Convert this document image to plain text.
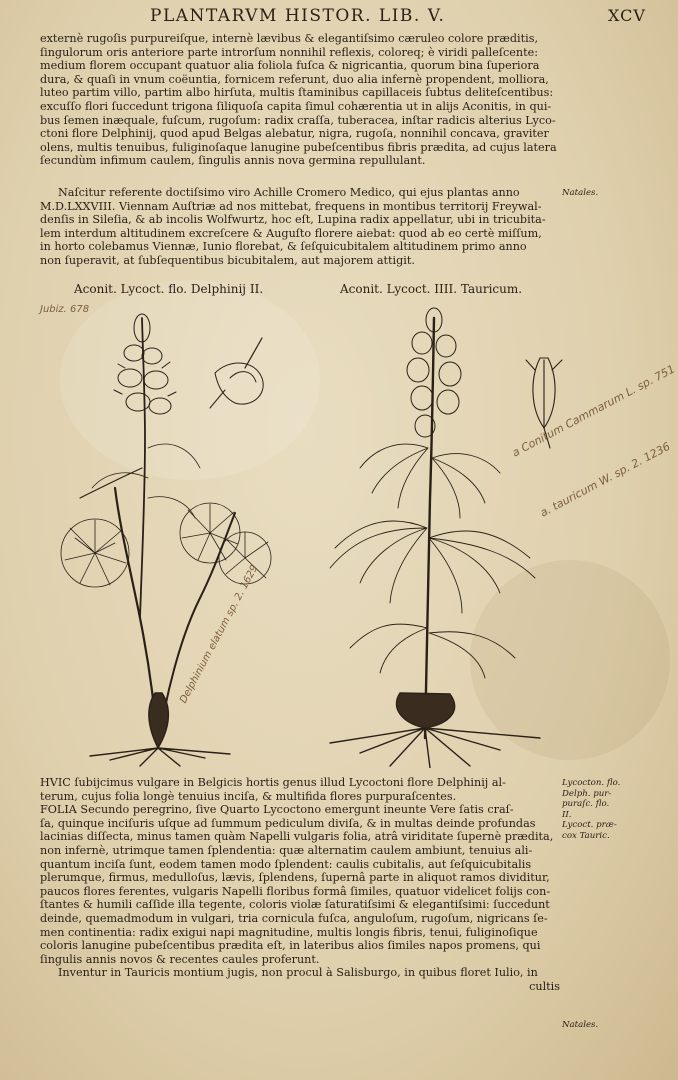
PLANTARVM HISTOR. LIB. V.	XCV
externè rugoſis purpureiſque, internè lævibus & elegantiſsimo cæruleo colore præditis,
ſingulorum oris anteriore parte introrſum nonnihil reflexis, coloreq; è viridi palleſcente:
medium florem occupant quatuor alia foliola fuſca & nigricantia, quorum bina ſuperiora
dura, & quaſi in vnum coëuntia, fornicem referunt, duo alia infernè propendent, molliora,
luteo partim villo, partim albo hirſuta, multis ſtaminibus capillaceis ſubtus deliteſcentibus:
excuſſo flori ſuccedunt trigona ſiliquoſa capita ſimul cohærentia ut in alijs Aconitis, in qui-
bus ſemen inæquale, fuſcum, rugoſum: radix craſſa, tuberacea, inſtar radicis alterius Lyco-
ctoni flore Delphinij, quod apud Belgas alebatur, nigra, rugoſa, nonnihil concava, graviter
olens, multis tenuibus, fuliginoſaque lanugine pubeſcentibus fibris prædita, ad cujus latera
ſecundùm infimum caulem, ſingulis annis nova germina repullulant.
Naſcitur referente doctiſsimo viro Achille Cromero Medico, qui ejus plantas anno
M.D.LXXVIII. Viennam Auſtriæ ad nos mittebat, frequens in montibus territorij Freywal-
denſis in Sileſia, & ab incolis Wolfwurtz, hoc eſt, Lupina radix appellatur, ubi in tricubita-
lem interdum altitudinem excreſcere & Auguſto florere aiebat: quod ab eo certè miſſum,
in horto colebamus Viennæ, Iunio florebat, & ſeſquicubitalem altitudinem primo anno
non ſuperavit, at ſubſequentibus bicubitalem, aut majorem attigit.
Natales.
Aconit. Lycoct. flo. Delphinij II.	Aconit. Lycoct. IIII. Tauricum.
Jubiz. 678
a Conitum Cammarum L. sp. 751
a. tauricum W. sp. 2. 1236
Delphinium elatum sp. 2. 1629
HVIC ſubijcimus vulgare in Belgicis hortis genus illud Lycoctoni flore Delphinij al-
terum, cujus folia longè tenuius inciſa, & multifida flores purpuraſcentes.
FOLIA Secundo peregrino, ſive Quarto Lycoctono emergunt ineunte Vere ſatis craſ-
ſa, quinque inciſuris uſque ad ſummum pediculum diviſa, & in multas deinde profundas
lacinias diſſecta, minus tamen quàm Napelli vulgaris folia, atrâ viriditate ſupernè prædita,
non infernè, utrimque tamen ſplendentia: quæ alternatim caulem ambiunt, tenuius ali-
quantum inciſa ſunt, eodem tamen modo ſplendent: caulis cubitalis, aut ſeſquicubitalis
plerumque, firmus, medulloſus, lævis, ſplendens, ſupernâ parte in aliquot ramos dividitur,
paucos flores ferentes, vulgaris Napelli floribus formâ ſimiles, quatuor videlicet folijs con-
ſtantes & humili caſſide illa tegente, coloris violæ ſaturatiſsimi & elegantiſsimi: ſuccedunt
deinde, quemadmodum in vulgari, tria cornicula fuſca, anguloſum, rugoſum, nigricans ſe-
men continentia: radix exigui napi magnitudine, multis longis fibris, tenui, fuliginoſique
coloris lanugine pubeſcentibus prædita eſt, in lateribus alios ſimiles napos promens, qui
ſingulis annis novos & recentes caules proferunt.
Inventur in Tauricis montium jugis, non procul à Salisburgo, in quibus floret Iulio, in
cultis
Lycocton. flo.
Delph. pur-
puraſc. flo.
II.
Lycoct. præ-
cox Tauric.
Natales.
